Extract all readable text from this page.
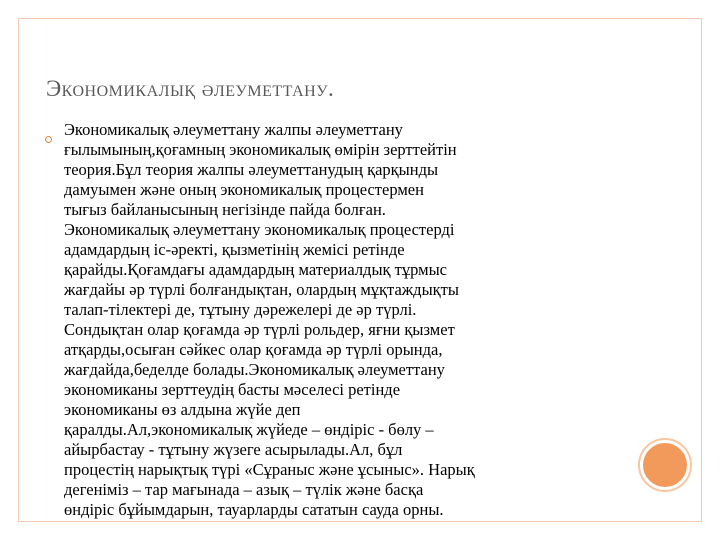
Экономикалық әлеуметтану.

Экономикалық әлеуметтану жалпы әлеуметтану
ғылымының,қоғамның экономикалық өмірін зерттейтін
теория.Бұл теория жалпы әлеуметтанудың қарқынды
дамуымен және оның экономикалық процестермен
тығыз байланысының негізінде пайда болған.
Экономикалық әлеуметтану экономикалық процестерді
адамдардың іс-әректі, қызметінің жемісі ретінде
қарайды.Қоғамдағы адамдардың материалдық тұрмыс
жағдайы әр түрлі болғандықтан, олардың мұқтаждықты
талап-тілектері де, тұтыну дәрежелері де әр түрлі.
Сондықтан олар қоғамда әр түрлі рольдер, яғни қызмет
атқарды,осыған сәйкес олар қоғамда әр түрлі орында,
жағдайда,беделде болады.Экономикалық әлеуметтану
экономиканы зерттеудің басты мәселесі ретінде
экономиканы өз алдына жүйе деп
қаралды.Ал,экономикалық жүйеде – өндіріс - бөлу –
айырбастау - тұтыну жүзеге асырылады.Ал, бұл
процестің нарықтық түрі «Сұраныс және ұсыныс». Нарық
дегеніміз – тар мағынада – азық – түлік және басқа
өндіріс бұйымдарын, тауарларды сататын сауда орны.
